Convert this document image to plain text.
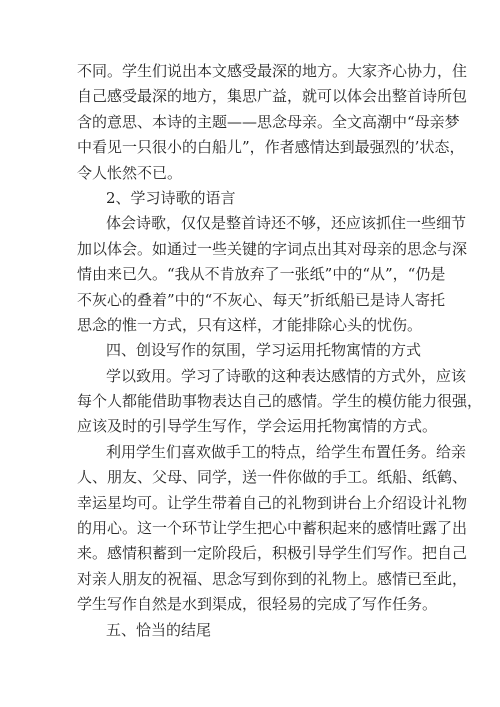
不同。学生们说出本文感受最深的地方。大家齐心协力，住
自己感受最深的地方，集思广益，就可以体会出整首诗所包
含的意思、本诗的主题——思念母亲。全文高潮中“母亲梦
中看见一只很小的白船儿”，作者感情达到最强烈的’状态，
令人怅然不已。
2、学习诗歌的语言
体会诗歌，仅仅是整首诗还不够，还应该抓住一些细节
加以体会。如通过一些关键的字词点出其对母亲的思念与深
情由来已久。“我从不肯放弃了一张纸”中的“从”，“仍是
不灰心的叠着”中的“不灰心、每天”折纸船已是诗人寄托
思念的惟一方式，只有这样，才能排除心头的忧伤。
四、创设写作的氛围，学习运用托物寓情的方式
学以致用。学习了诗歌的这种表达感情的方式外，应该
每个人都能借助事物表达自己的感情。学生的模仿能力很强，
应该及时的引导学生写作，学会运用托物寓情的方式。
利用学生们喜欢做手工的特点，给学生布置任务。给亲
人、朋友、父母、同学，送一件你做的手工。纸船、纸鹤、
幸运星均可。让学生带着自己的礼物到讲台上介绍设计礼物
的用心。这一个环节让学生把心中蓄积起来的感情吐露了出
来。感情积蓄到一定阶段后，积极引导学生们写作。把自己
对亲人朋友的祝福、思念写到你到的礼物上。感情已至此，
学生写作自然是水到渠成，很轻易的完成了写作任务。
五、恰当的结尾
